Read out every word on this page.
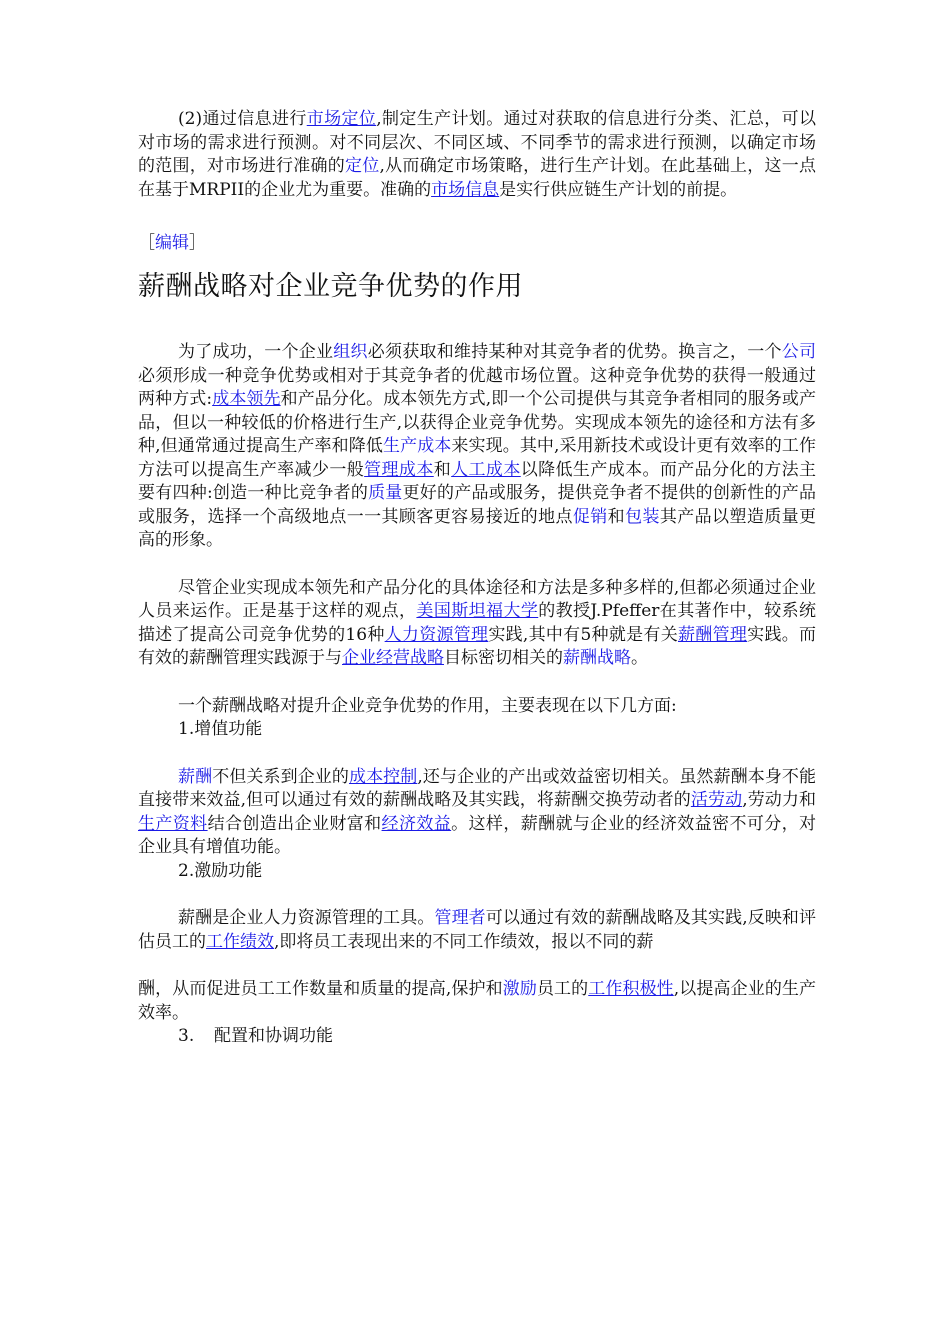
(2)通过信息进行市场定位,制定生产计划。通过对获取的信息进行分类、汇总，可以对市场的需求进行预测。对不同层次、不同区域、不同季节的需求进行预测，以确定市场的范围，对市场进行准确的定位,从而确定市场策略，进行生产计划。在此基础上，这一点在基于MRPII的企业尤为重要。准确的市场信息是实行供应链生产计划的前提。

［编辑］
薪酬战略对企业竞争优势的作用

为了成功，一个企业组织必须获取和维持某种对其竞争者的优势。换言之，一个公司必须形成一种竞争优势或相对于其竞争者的优越市场位置。这种竞争优势的获得一般通过两种方式:成本领先和产品分化。成本领先方式,即一个公司提供与其竞争者相同的服务或产品，但以一种较低的价格进行生产,以获得企业竞争优势。实现成本领先的途径和方法有多种,但通常通过提高生产率和降低生产成本来实现。其中,采用新技术或设计更有效率的工作方法可以提高生产率减少一般管理成本和人工成本以降低生产成本。而产品分化的方法主要有四种:创造一种比竞争者的质量更好的产品或服务，提供竞争者不提供的创新性的产品或服务，选择一个高级地点一一其顾客更容易接近的地点促销和包装其产品以塑造质量更高的形象。

尽管企业实现成本领先和产品分化的具体途径和方法是多种多样的,但都必须通过企业人员来运作。正是基于这样的观点，美国斯坦福大学的教授J.Pfeffer在其著作中，较系统描述了提高公司竞争优势的16种人力资源管理实践,其中有5种就是有关薪酬管理实践。而有效的薪酬管理实践源于与企业经营战略目标密切相关的薪酬战略。

一个薪酬战略对提升企业竞争优势的作用，主要表现在以下几方面:

1.增值功能

薪酬不但关系到企业的成本控制,还与企业的产出或效益密切相关。虽然薪酬本身不能直接带来效益,但可以通过有效的薪酬战略及其实践，将薪酬交换劳动者的活劳动,劳动力和生产资料结合创造出企业财富和经济效益。这样，薪酬就与企业的经济效益密不可分，对企业具有增值功能。

2.激励功能

薪酬是企业人力资源管理的工具。管理者可以通过有效的薪酬战略及其实践,反映和评估员工的工作绩效,即将员工表现出来的不同工作绩效，报以不同的薪

酬，从而促进员工工作数量和质量的提高,保护和激励员工的工作积极性,以提高企业的生产效率。

3. 配置和协调功能
